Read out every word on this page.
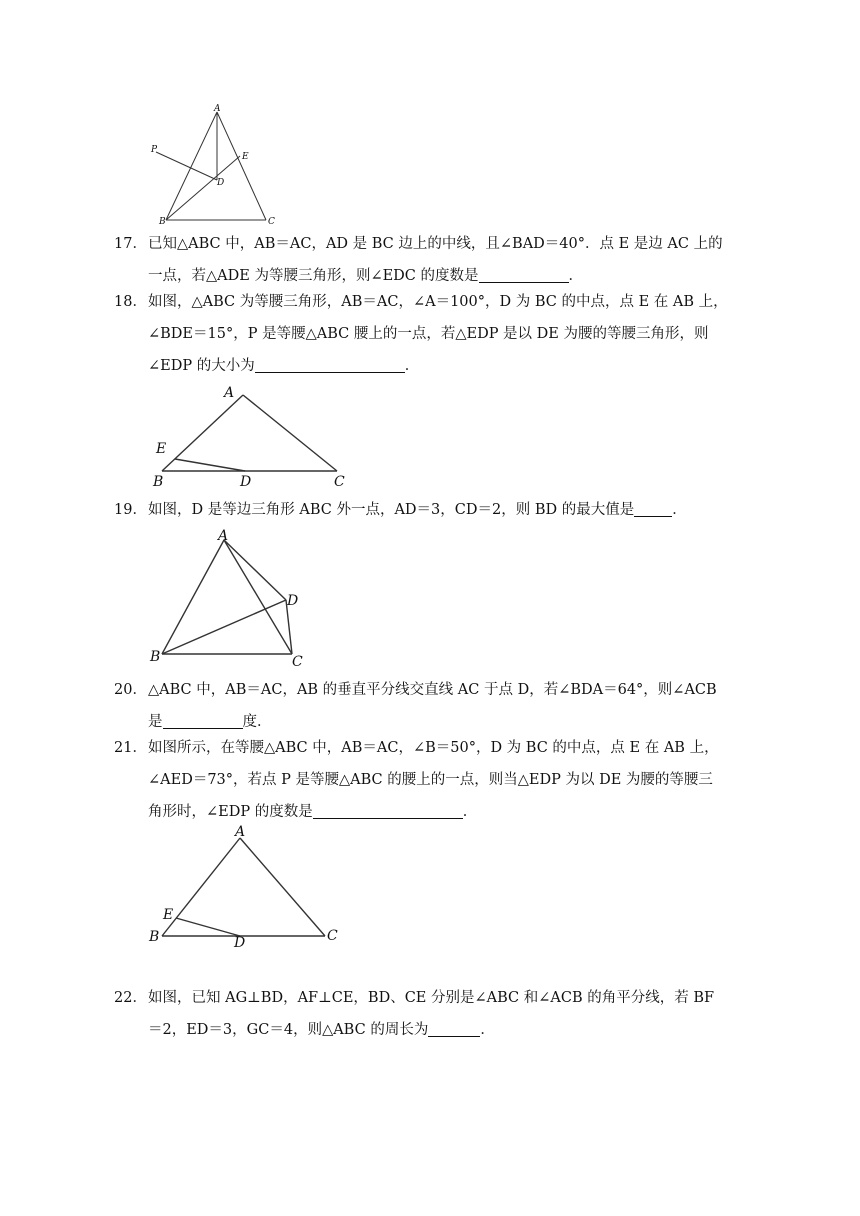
A
P
E
D
B	C
17． 已知△ABC 中，AB＝AC，AD 是 BC 边上的中线，且∠BAD＝40°．点 E 是边 AC 上的
一点，若△ADE 为等腰三角形，则∠EDC 的度数是	．
18． 如图，△ABC 为等腰三角形，AB＝AC，∠A＝100°，D 为 BC 的中点，点 E 在 AB 上，
∠BDE＝15°，P 是等腰△ABC 腰上的一点，若△EDP 是以 DE 为腰的等腰三角形，则
∠EDP 的大小为	．
A
E
B	D	C
19． 如图，D 是等边三角形 ABC 外一点，AD＝3，CD＝2，则 BD 的最大值是	．
A
D
B	C
20． △ABC 中，AB＝AC，AB 的垂直平分线交直线 AC 于点 D，若∠BDA＝64°，则∠ACB
是	度．
21． 如图所示，在等腰△ABC 中，AB＝AC，∠B＝50°，D 为 BC 的中点，点 E 在 AB 上，
∠AED＝73°，若点 P 是等腰△ABC 的腰上的一点，则当△EDP 为以 DE 为腰的等腰三
角形时，∠EDP 的度数是	．
A
E
B	D	C
22． 如图，已知 AG⊥BD，AF⊥CE，BD、CE 分别是∠ABC 和∠ACB 的角平分线，若 BF
＝2，ED＝3，GC＝4，则△ABC 的周长为	．
